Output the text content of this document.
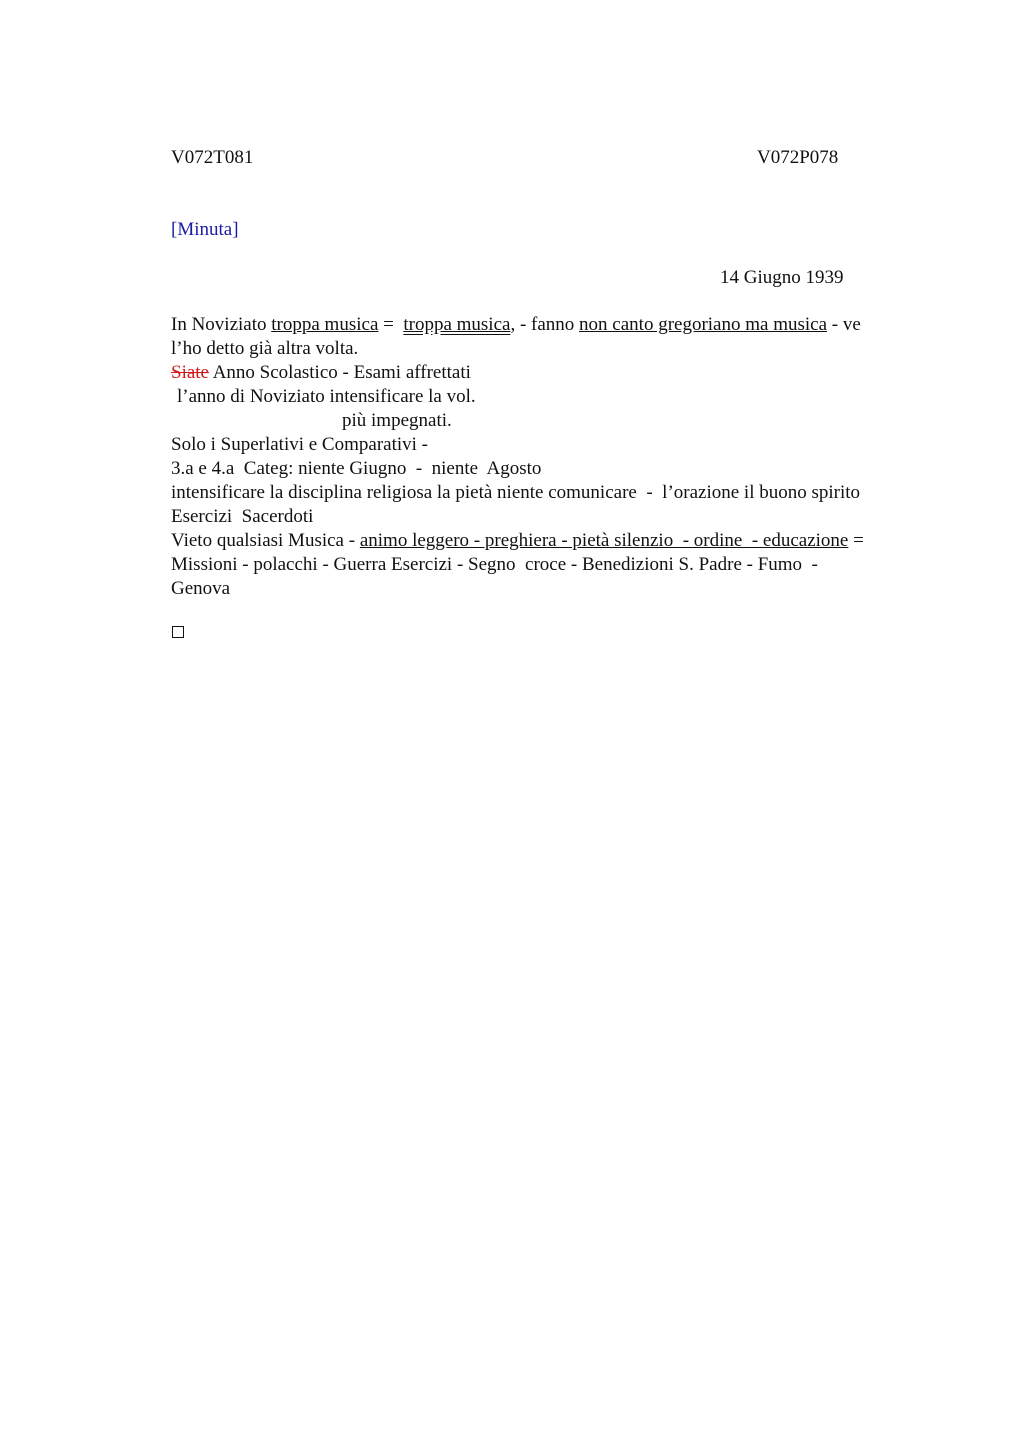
V072T081	V072P078
[Minuta]
14 Giugno 1939
In Noviziato troppa musica =  troppa musica, - fanno non canto gregoriano ma musica - ve
l’ho detto già altra volta.
Siate Anno Scolastico - Esami affrettati
l’anno di Noviziato intensificare la vol.
più impegnati.
Solo i Superlativi e Comparativi -
3.a e 4.a  Categ: niente Giugno  -  niente  Agosto
intensificare la disciplina religiosa la pietà niente comunicare  -  l’orazione il buono spirito
Esercizi  Sacerdoti
Vieto qualsiasi Musica - animo leggero - preghiera - pietà silenzio  - ordine  - educazione =
Missioni - polacchi - Guerra Esercizi - Segno  croce - Benedizioni S. Padre - Fumo  -
Genova
